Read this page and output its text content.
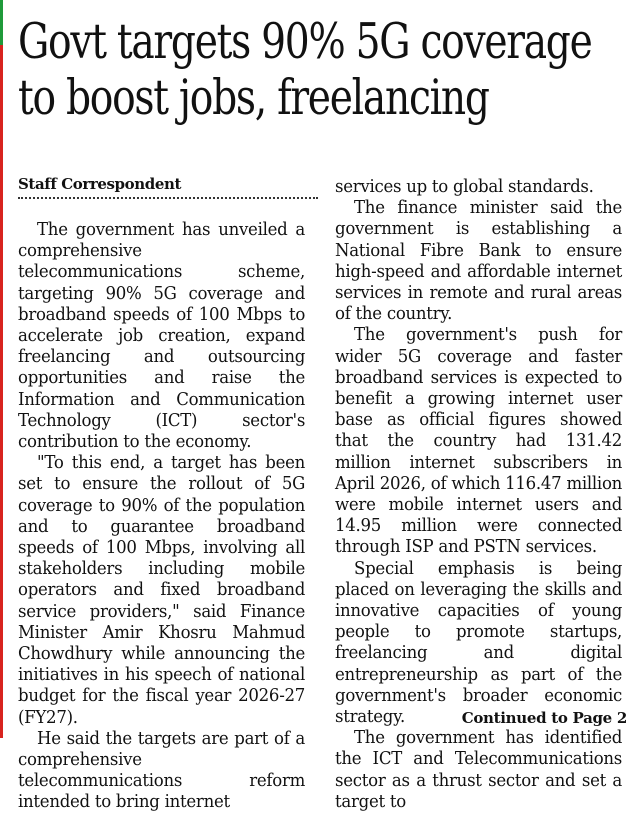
Govt targets 90% 5G coverage
to boost jobs, freelancing
Staff Correspondent

The government has unveiled a comprehensive telecommunications scheme, targeting 90% 5G coverage and broadband speeds of 100 Mbps to accelerate job creation, expand freelancing and outsourcing opportunities and raise the Information and Communication Technology (ICT) sector's contribution to the economy.

"To this end, a target has been set to ensure the rollout of 5G coverage to 90% of the population and to guarantee broadband speeds of 100 Mbps, involving all stakeholders including mobile operators and fixed broadband service providers," said Finance Minister Amir Khosru Mahmud Chowdhury while announcing the initiatives in his speech of national budget for the fiscal year 2026-27 (FY27).

He said the targets are part of a comprehensive telecommunications reform intended to bring internet

services up to global standards.

The finance minister said the government is establishing a National Fibre Bank to ensure high-speed and affordable internet services in remote and rural areas of the country.

The government's push for wider 5G coverage and faster broadband services is expected to benefit a growing internet user base as official figures showed that the country had 131.42 million internet subscribers in April 2026, of which 116.47 million were mobile internet users and 14.95 million were connected through ISP and PSTN services.

Special emphasis is being placed on leveraging the skills and innovative capacities of young people to promote startups, freelancing and digital entrepreneurship as part of the government's broader economic strategy.

The government has identified the ICT and Telecommunications sector as a thrust sector and set a target to

Continued to Page 2
